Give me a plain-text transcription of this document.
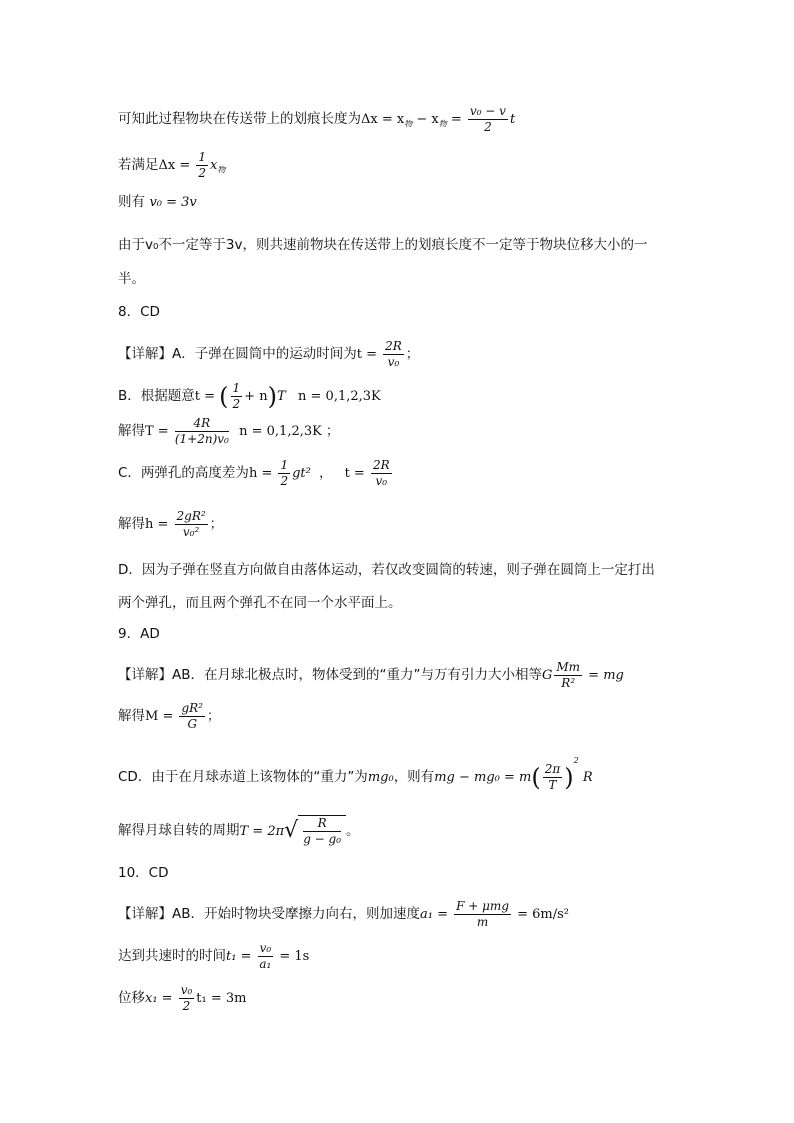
可知此过程物块在传送带上的划痕长度为$\Delta x = x_物 - x_物 = \frac{\text{v₀ − v}}{2}$ t
若满足$\Delta x = \frac{1}{2} x_物$
则有 v₀ = 3v
由于v₀不一定等于3v，则共速前物块在传送带上的划痕长度不一定等于物块位移大小的一
半。
8．CD
【详解】A．子弹在圆筒中的运动时间为$t = \frac{2R}{\text{v₀}}$ ；
B．根据题意t = ( $\frac{1}{2} + n)T$ n = 0,1,2,3K
解得$T = \frac{4R}{\text{(1+2n)v₀}}$ n = 0,1,2,3K ；
C．两弹孔的高度差为$h = \frac{1}{2} gt^2$ ， $t = \frac{2R}{\text{v₀}}$
解得$h = \frac{\text{2gR²}}{\text{v₀²}}$ ；
D．因为子弹在竖直方向做自由落体运动，若仅改变圆筒的转速，则子弹在圆筒上一定打出
两个弹孔，而且两个弹孔不在同一个水平面上。
9．AD
【详解】AB．在月球北极点时，物体受到的“重力”与万有引力大小相等G $\frac{Mm}{\text{R²}}$ = mg
解得$M = \frac{\text{gR²}}{G}$ ；
CD．由于在月球赤道上该物体的“重力”为mg₀，则有mg − $mg_0 = m( \frac{2\pi}{T} )^2$ R
解得月球自转的周期$T = 2\pi√ \frac{R}{\text{g − g₀}}$ 。
10．CD
【详解】AB．开始时物块受摩擦力向右，则加速度$a_1 = \frac{\text{F + μmg}}{m} = 6m/s^2$
达到共速时的时间$t_1 = \frac{\text{v₀}}{\text{a₁}} = 1s$
位移$x_1 = \frac{\text{v₀}}{2} t_1 = 3m$
